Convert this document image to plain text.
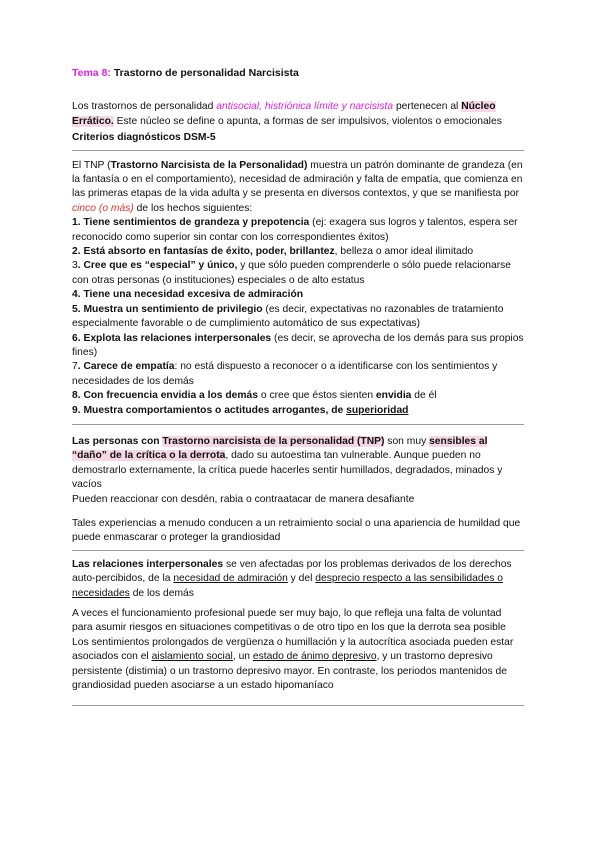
Tema 8: Trastorno de personalidad Narcisista

Los trastornos de personalidad antisocial, histriónica límite y narcisista pertenecen al Núcleo Errático. Este núcleo se define o apunta, a formas de ser impulsivos, violentos o emocionales

Criterios diagnósticos DSM-5

El TNP (Trastorno Narcisista de la Personalidad) muestra un patrón dominante de grandeza (en la fantasía o en el comportamiento), necesidad de admiración y falta de empatía, que comienza en las primeras etapas de la vida adulta y se presenta en diversos contextos, y que se manifiesta por cinco (o más) de los hechos siguientes:

1. Tiene sentimientos de grandeza y prepotencia (ej: exagera sus logros y talentos, espera ser reconocido como superior sin contar con los correspondientes éxitos)

2. Está absorto en fantasías de éxito, poder, brillantez, belleza o amor ideal ilimitado

3. Cree que es “especial” y único, y que sólo pueden comprenderle o sólo puede relacionarse con otras personas (o instituciones) especiales o de alto estatus

4. Tiene una necesidad excesiva de admiración

5. Muestra un sentimiento de privilegio (es decir, expectativas no razonables de tratamiento especialmente favorable o de cumplimiento automático de sus expectativas)

6. Explota las relaciones interpersonales (es decir, se aprovecha de los demás para sus propios fines)

7. Carece de empatía: no está dispuesto a reconocer o a identificarse con los sentimientos y necesidades de los demás

8. Con frecuencia envidia a los demás o cree que éstos sienten envidia de él

9. Muestra comportamientos o actitudes arrogantes, de superioridad

Las personas con Trastorno narcisista de la personalidad (TNP) son muy sensibles al “daño” de la crítica o la derrota, dado su autoestima tan vulnerable. Aunque pueden no demostrarlo externamente, la crítica puede hacerles sentir humillados, degradados, minados y vacíos

Pueden reaccionar con desdén, rabia o contraatacar de manera desafiante

Tales experiencias a menudo conducen a un retraimiento social o una apariencia de humildad que puede enmascarar o proteger la grandiosidad

Las relaciones interpersonales se ven afectadas por los problemas derivados de los derechos auto-percibidos, de la necesidad de admiración y del desprecio respecto a las sensibilidades o necesidades de los demás

A veces el funcionamiento profesional puede ser muy bajo, lo que refleja una falta de voluntad para asumir riesgos en situaciones competitivas o de otro tipo en los que la derrota sea posible

Los sentimientos prolongados de vergüenza o humillación y la autocrítica asociada pueden estar asociados con el aislamiento social, un estado de ánimo depresivo, y un trastorno depresivo persistente (distimia) o un trastorno depresivo mayor. En contraste, los periodos mantenidos de grandiosidad pueden asociarse a un estado hipomaníaco
